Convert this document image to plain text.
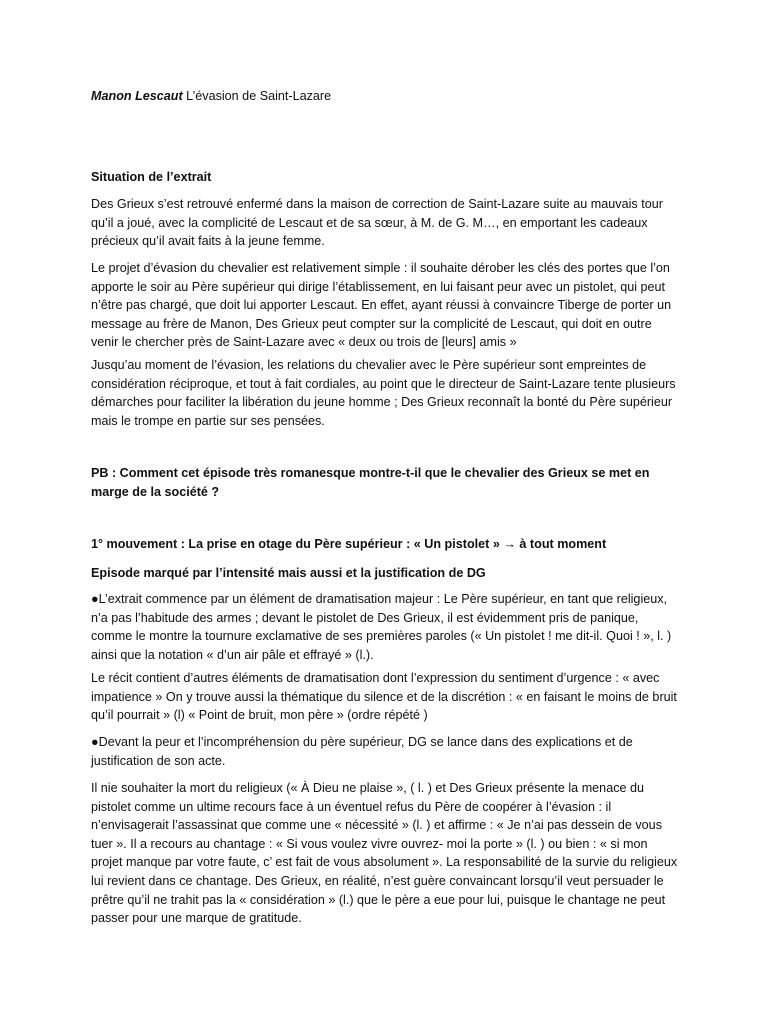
Manon Lescaut L’évasion de Saint-Lazare

Situation de l’extrait

Des Grieux s’est retrouvé enfermé dans la maison de correction de Saint-Lazare suite au mauvais tour qu’il a joué, avec la complicité de Lescaut et de sa sœur, à M. de G. M…, en emportant les cadeaux précieux qu’il avait faits à la jeune femme.

Le projet d’évasion du chevalier est relativement simple : il souhaite dérober les clés des portes que l’on apporte le soir au Père supérieur qui dirige l’établissement, en lui faisant peur avec un pistolet, qui peut n’être pas chargé, que doit lui apporter Lescaut. En effet, ayant réussi à convaincre Tiberge de porter un message au frère de Manon, Des Grieux peut compter sur la complicité de Lescaut, qui doit en outre venir le chercher près de Saint-Lazare avec « deux ou trois de [leurs] amis »

Jusqu’au moment de l’évasion, les relations du chevalier avec le Père supérieur sont empreintes de considération réciproque, et tout à fait cordiales, au point que le directeur de Saint-Lazare tente plusieurs démarches pour faciliter la libération du jeune homme ; Des Grieux reconnaît la bonté du Père supérieur mais le trompe en partie sur ses pensées.

PB : Comment cet épisode très romanesque montre-t-il que le chevalier des Grieux se met en marge de la société ?

1° mouvement : La prise en otage du Père supérieur : « Un pistolet » → à tout moment

Episode marqué par l’intensité mais aussi et la justification de DG

●L’extrait commence par un élément de dramatisation majeur : Le Père supérieur, en tant que religieux, n’a pas l’habitude des armes ; devant le pistolet de Des Grieux, il est évidemment pris de panique, comme le montre la tournure exclamative de ses premières paroles (« Un pistolet ! me dit-il. Quoi ! », l. ) ainsi que la notation « d’un air pâle et effrayé » (l.).

Le récit contient d’autres éléments de dramatisation dont l’expression du sentiment d’urgence : « avec impatience » On y trouve aussi la thématique du silence et de la discrétion : « en faisant le moins de bruit qu’il pourrait » (l) « Point de bruit, mon père » (ordre répété )

●Devant la peur et l’incompréhension du père supérieur, DG se lance dans des explications et de justification de son acte.

Il nie souhaiter la mort du religieux (« À Dieu ne plaise », ( l. ) et Des Grieux présente la menace du pistolet comme un ultime recours face à un éventuel refus du Père de coopérer à l’évasion : il n’envisagerait l’assassinat que comme une « nécessité » (l. ) et affirme : « Je n’ai pas dessein de vous tuer ». Il a recours au chantage : « Si vous voulez vivre ouvrez- moi la porte » (l. ) ou bien : « si mon projet manque par votre faute, c’ est fait de vous absolument ». La responsabilité de la survie du religieux lui revient dans ce chantage. Des Grieux, en réalité, n’est guère convaincant lorsqu’il veut persuader le prêtre qu’il ne trahit pas la « considération » (l.) que le père a eue pour lui, puisque le chantage ne peut passer pour une marque de gratitude.
